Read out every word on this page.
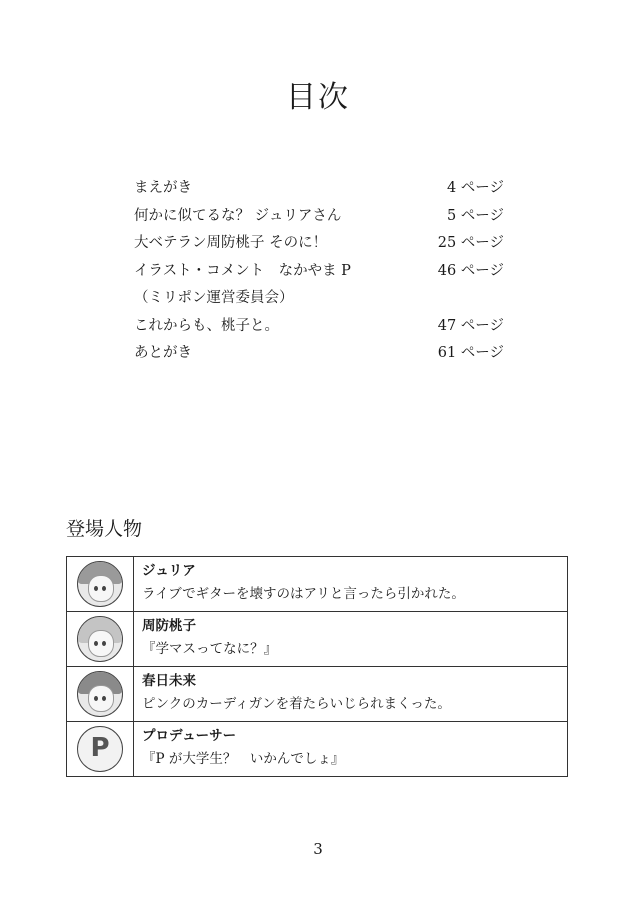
目次
まえがき	4 ページ
何かに似てるな？ ジュリアさん	5 ページ
大ベテラン周防桃子 そのに！	25 ページ
イラスト・コメント　なかやま P	46 ページ
（ミリポン運営委員会）
これからも、桃子と。	47 ページ
あとがき	61 ページ
登場人物

	ジュリア
ライブでギターを壊すのはアリと言ったら引かれた。

	周防桃子
『学マスってなに？』

	春日未来
ピンクのカーディガンを着たらいじられまくった。

P	プロデューサー
『P が大学生？　いかんでしょ』
3
